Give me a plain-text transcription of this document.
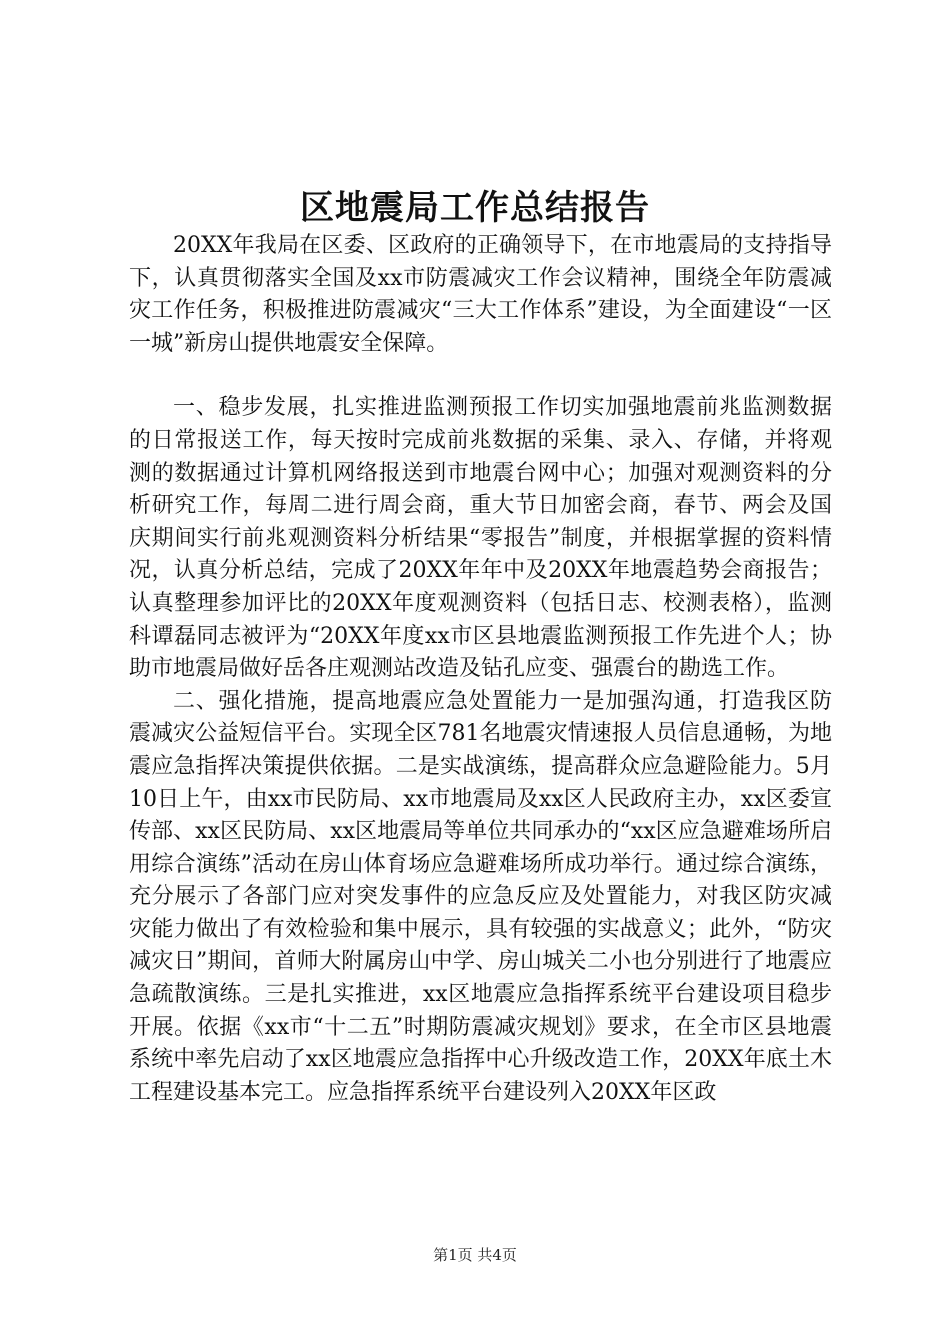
区地震局工作总结报告

20XX年我局在区委、区政府的正确领导下，在市地震局的支持指导下，认真贯彻落实全国及xx市防震减灾工作会议精神，围绕全年防震减灾工作任务，积极推进防震减灾“三大工作体系”建设，为全面建设“一区一城”新房山提供地震安全保障。

一、稳步发展，扎实推进监测预报工作切实加强地震前兆监测数据的日常报送工作，每天按时完成前兆数据的采集、录入、存储，并将观测的数据通过计算机网络报送到市地震台网中心；加强对观测资料的分析研究工作，每周二进行周会商，重大节日加密会商，春节、两会及国庆期间实行前兆观测资料分析结果“零报告”制度，并根据掌握的资料情况，认真分析总结，完成了20XX年年中及20XX年地震趋势会商报告；认真整理参加评比的20XX年度观测资料（包括日志、校测表格），监测科谭磊同志被评为“20XX年度xx市区县地震监测预报工作先进个人；协助市地震局做好岳各庄观测站改造及钻孔应变、强震台的勘选工作。

二、强化措施，提高地震应急处置能力一是加强沟通，打造我区防震减灾公益短信平台。实现全区781名地震灾情速报人员信息通畅，为地震应急指挥决策提供依据。二是实战演练，提高群众应急避险能力。5月10日上午，由xx市民防局、xx市地震局及xx区人民政府主办，xx区委宣传部、xx区民防局、xx区地震局等单位共同承办的“xx区应急避难场所启用综合演练”活动在房山体育场应急避难场所成功举行。通过综合演练，充分展示了各部门应对突发事件的应急反应及处置能力，对我区防灾减灾能力做出了有效检验和集中展示，具有较强的实战意义；此外，“防灾减灾日”期间，首师大附属房山中学、房山城关二小也分别进行了地震应急疏散演练。三是扎实推进，xx区地震应急指挥系统平台建设项目稳步开展。依据《xx市“十二五”时期防震减灾规划》要求，在全市区县地震系统中率先启动了xx区地震应急指挥中心升级改造工作，20XX年底土木工程建设基本完工。应急指挥系统平台建设列入20XX年区政

第1页 共4页
